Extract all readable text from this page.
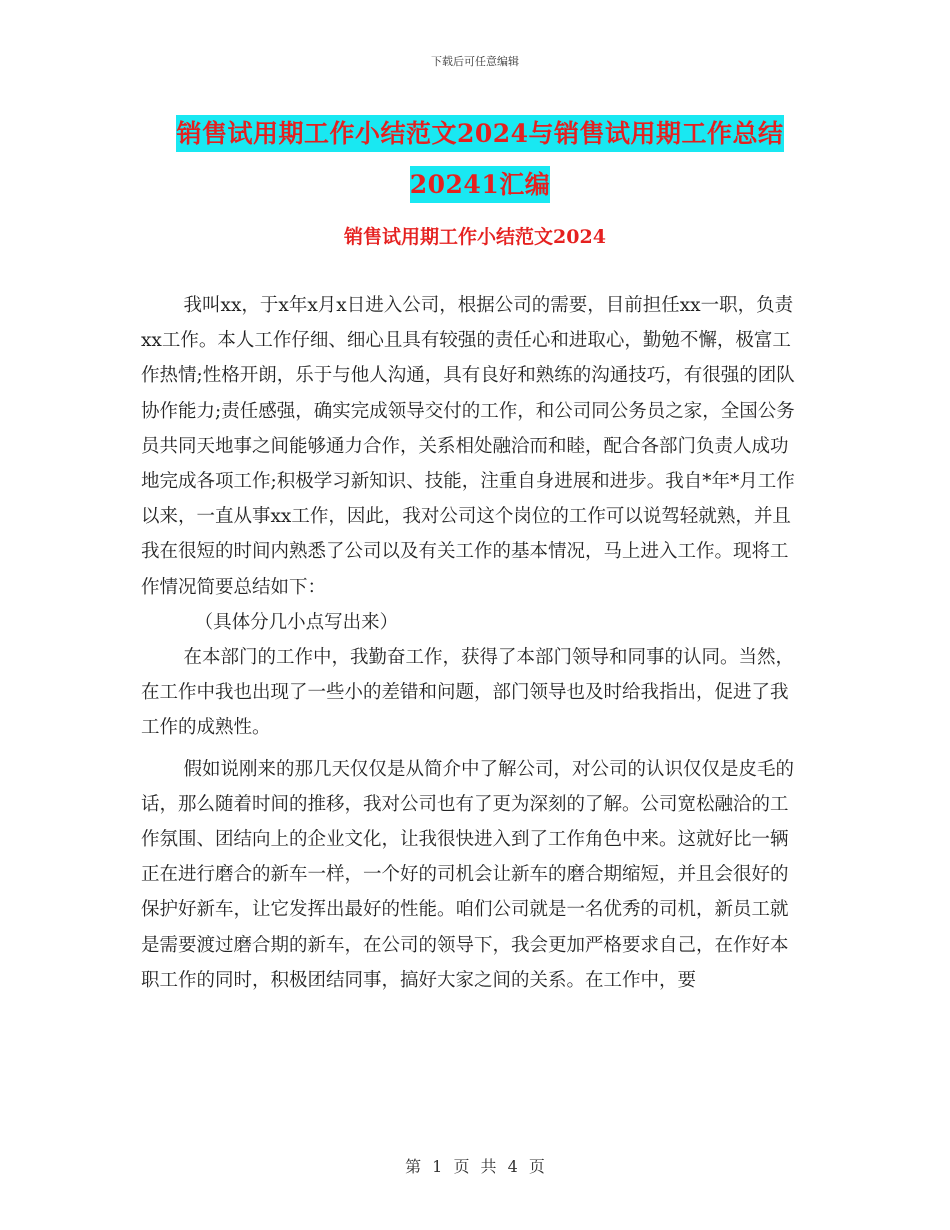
下载后可任意编辑
销售试用期工作小结范文2024与销售试用期工作总结
20241汇编
销售试用期工作小结范文2024

我叫xx，于x年x月x日进入公司，根据公司的需要，目前担任xx一职，负责xx工作。本人工作仔细、细心且具有较强的责任心和进取心，勤勉不懈，极富工作热情;性格开朗，乐于与他人沟通，具有良好和熟练的沟通技巧，有很强的团队协作能力;责任感强，确实完成领导交付的工作，和公司同公务员之家，全国公务员共同天地事之间能够通力合作，关系相处融洽而和睦，配合各部门负责人成功地完成各项工作;积极学习新知识、技能，注重自身进展和进步。我自*年*月工作以来，一直从事xx工作，因此，我对公司这个岗位的工作可以说驾轻就熟，并且我在很短的时间内熟悉了公司以及有关工作的基本情况，马上进入工作。现将工作情况简要总结如下：

（具体分几小点写出来）

在本部门的工作中，我勤奋工作，获得了本部门领导和同事的认同。当然，在工作中我也出现了一些小的差错和问题，部门领导也及时给我指出，促进了我工作的成熟性。

假如说刚来的那几天仅仅是从简介中了解公司，对公司的认识仅仅是皮毛的话，那么随着时间的推移，我对公司也有了更为深刻的了解。公司宽松融洽的工作氛围、团结向上的企业文化，让我很快进入到了工作角色中来。这就好比一辆正在进行磨合的新车一样，一个好的司机会让新车的磨合期缩短，并且会很好的保护好新车，让它发挥出最好的性能。咱们公司就是一名优秀的司机，新员工就是需要渡过磨合期的新车，在公司的领导下，我会更加严格要求自己，在作好本职工作的同时，积极团结同事，搞好大家之间的关系。在工作中，要

第 1 页 共 4 页
